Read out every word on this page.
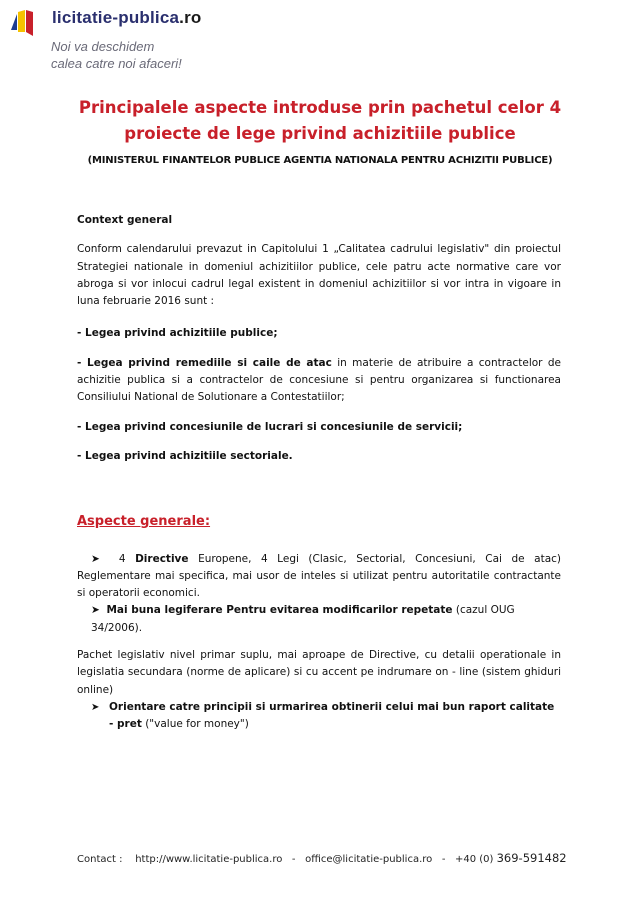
licitatie-publica.ro
Noi va deschidem
calea catre noi afaceri!
Principalele aspecte introduse prin pachetul celor 4
proiecte de lege privind achizitiile publice
(MINISTERUL FINANTELOR PUBLICE AGENTIA NATIONALA PENTRU ACHIZITII PUBLICE)

Context general

Conform calendarului prevazut in Capitolului 1 „Calitatea cadrului legislativ" din proiectul Strategiei nationale in domeniul achizitiilor publice, cele patru acte normative care vor abroga si vor inlocui cadrul legal existent in domeniul achizitiilor si vor intra in vigoare in luna februarie 2016 sunt :

- Legea privind achizitiile publice;

- Legea privind remediile si caile de atac in materie de atribuire a contractelor de achizitie publica si a contractelor de concesiune si pentru organizarea si functionarea Consiliului National de Solutionare a Contestatiilor;

- Legea privind concesiunile de lucrari si concesiunile de servicii;

- Legea privind achizitiile sectoriale.

Aspecte generale:

➤  4 Directive Europene, 4 Legi (Clasic, Sectorial, Concesiuni, Cai de atac) Reglementare mai specifica, mai usor de inteles si utilizat pentru autoritatile contractante si operatorii economici.

➤  Mai buna legiferare Pentru evitarea modificarilor repetate (cazul OUG 34/2006).

Pachet legislativ nivel primar suplu, mai aproape de Directive, cu detalii operationale in legislatia secundara (norme de aplicare) si cu accent pe indrumare on - line (sistem ghiduri online)

➤ Orientare catre principii si urmarirea obtinerii celui mai bun raport calitate - pret ("value for money")
Contact : http://www.licitatie-publica.ro - office@licitatie-publica.ro - +40 (0) 369-591482
